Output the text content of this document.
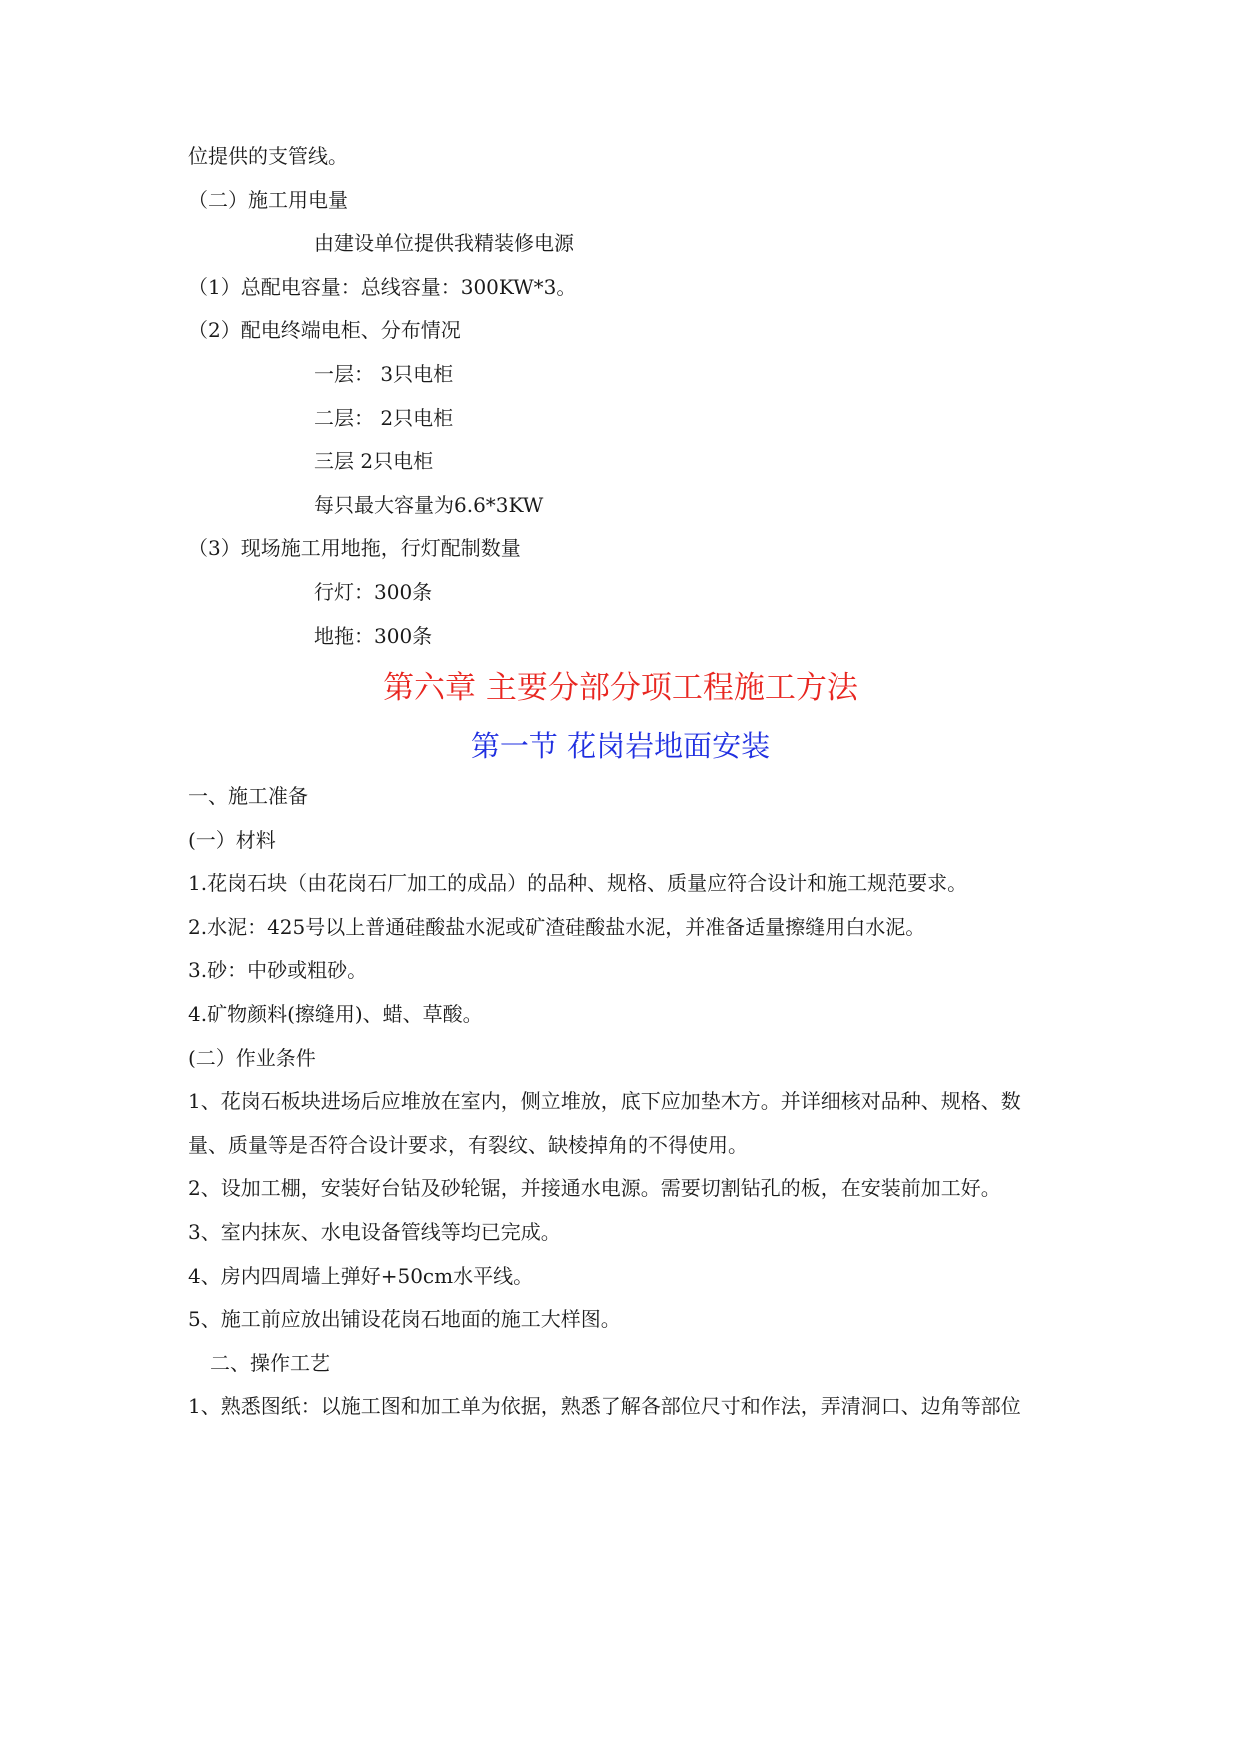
位提供的支管线。
（二）施工用电量
由建设单位提供我精装修电源
（1）总配电容量：总线容量：300KW*3。
（2）配电终端电柜、分布情况
一层： 3只电柜
二层： 2只电柜
三层 2只电柜
每只最大容量为6.6*3KW
（3）现场施工用地拖，行灯配制数量
行灯：300条
地拖：300条
第六章 主要分部分项工程施工方法
第一节 花岗岩地面安装
一、施工准备
(一）材料
1.花岗石块（由花岗石厂加工的成品）的品种、规格、质量应符合设计和施工规范要求。
2.水泥：425号以上普通硅酸盐水泥或矿渣硅酸盐水泥，并准备适量擦缝用白水泥。
3.砂：中砂或粗砂。
4.矿物颜料(擦缝用)、蜡、草酸。
(二）作业条件
1、花岗石板块进场后应堆放在室内，侧立堆放，底下应加垫木方。并详细核对品种、规格、数
量、质量等是否符合设计要求，有裂纹、缺棱掉角的不得使用。
2、设加工棚，安装好台钻及砂轮锯，并接通水电源。需要切割钻孔的板，在安装前加工好。
3、室内抹灰、水电设备管线等均已完成。
4、房内四周墙上弹好+50cm水平线。
5、施工前应放出铺设花岗石地面的施工大样图。
二、操作工艺
1、熟悉图纸：以施工图和加工单为依据，熟悉了解各部位尺寸和作法，弄清洞口、边角等部位
